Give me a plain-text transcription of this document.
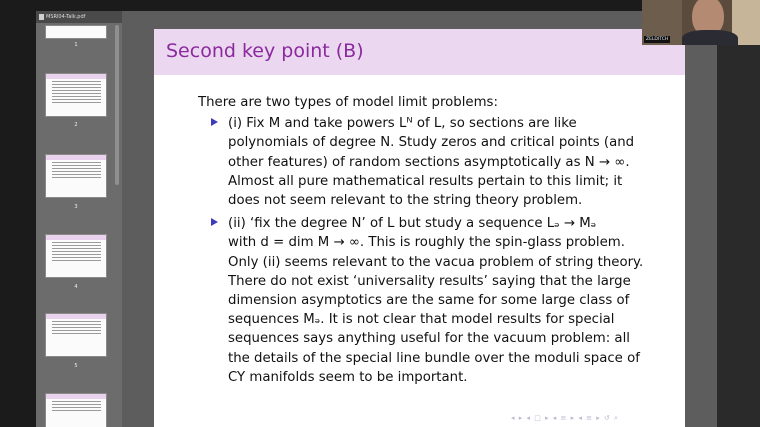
MSRI04-Talk.pdf
1
2
3
4
5
Second key point (B)

There are two types of model limit problems:

(i) Fix M and take powers Lᴺ of L, so sections are like
polynomials of degree N. Study zeros and critical points (and
other features) of random sections asymptotically as N → ∞.
Almost all pure mathematical results pertain to this limit; it
does not seem relevant to the string theory problem.
(ii) ‘fix the degree N’ of L but study a sequence Lₔ → Mₔ
with d = dim M → ∞. This is roughly the spin-glass problem.
Only (ii) seems relevant to the vacua problem of string theory.
There do not exist ‘universality results’ saying that the large
dimension asymptotics are the same for some large class of
sequences Mₔ. It is not clear that model results for special
sequences says anything useful for the vacuum problem: all
the details of the special line bundle over the moduli space of
CY manifolds seem to be important.
◂ ▸ ◂ □ ▸ ◂ ≡ ▸ ◂ ≡ ▸ ↺ ⌕
ZELDITCH
